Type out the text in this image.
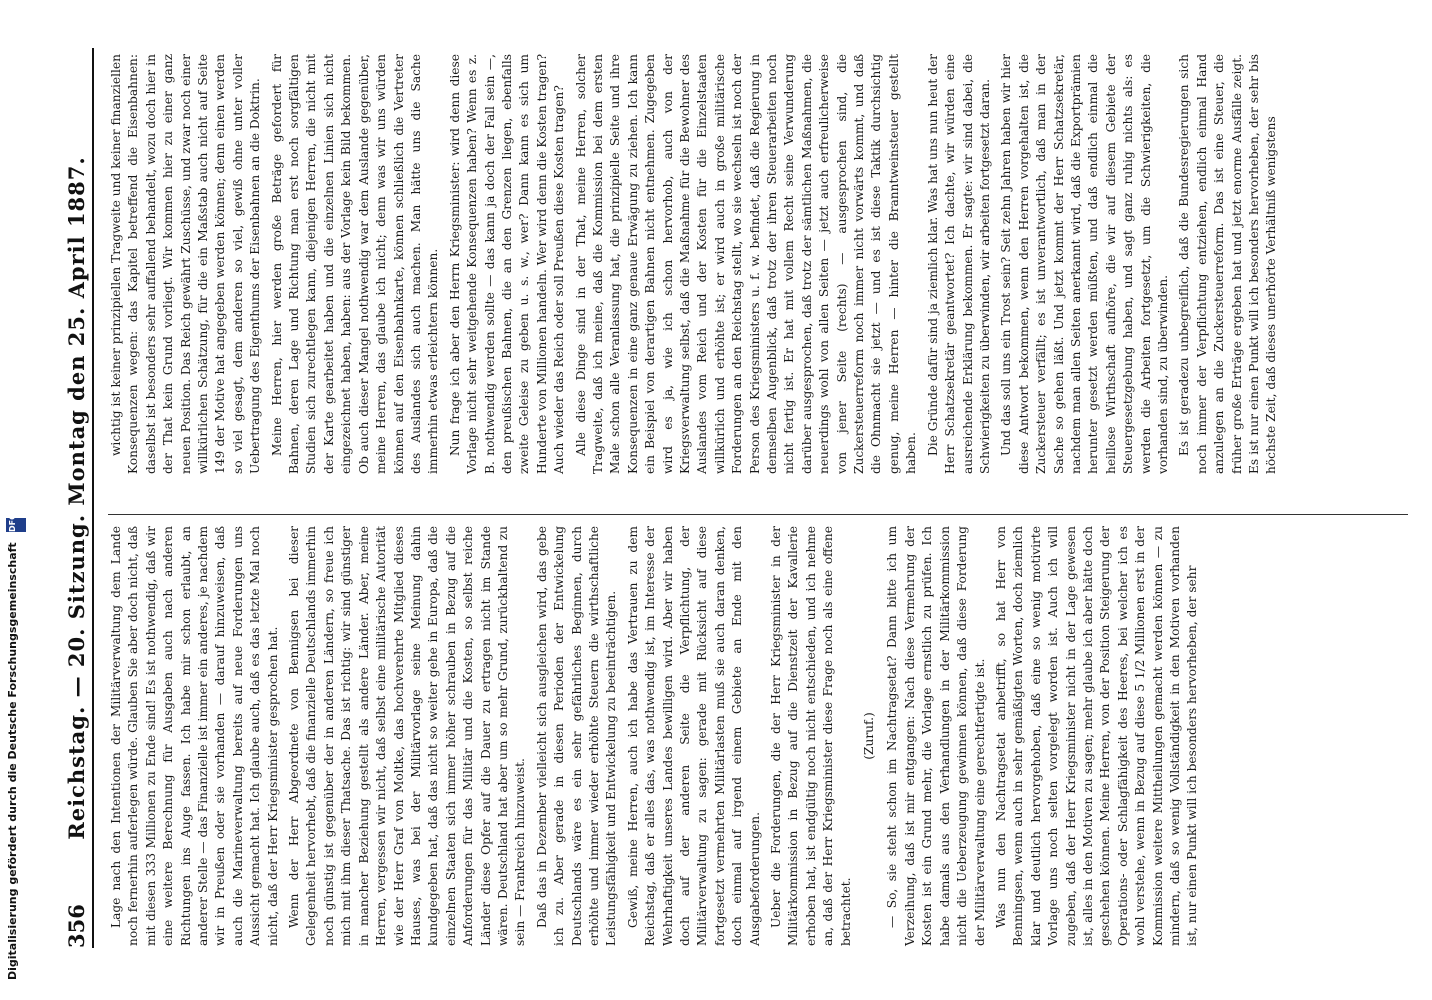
356
Reichstag. — 20. Sitzung. Montag den 25. April 1887. Lage nach den Intentionen der Militärverwaltung dem Lande noch fernerhin auferlegen würde. Glauben Sie aber doch nicht, daß mit diesen 333 Millionen zu Ende sind! Es ist nothwendig, daß wir eine weitere Berechnung für Ausgaben auch nach anderen Richtungen ins Auge fassen. Ich habe mir schon erlaubt, an anderer Stelle — das Finanzielle ist immer ein anderes, je nachdem wir in Preußen oder sie vorhanden — darauf hinzuweisen, daß auch die Marineverwaltung bereits auf neue Forderungen uns Aussicht gemacht hat. Ich glaube auch, daß es das letzte Mal noch nicht, daß der Herr Kriegsminister gesprochen hat. Wenn der Herr Abgeordnete von Bennigsen bei dieser Gelegenheit hervorhebt, daß die finanzielle Deutschlands immerhin noch günstig ist gegenüber der in anderen Ländern, so freue ich mich mit ihm dieser Thatsache. Das ist richtig: wir sind günstiger in mancher Beziehung gestellt als andere Länder. Aber, meine Herren, vergessen wir nicht, daß selbst eine militärische Autorität wie der Herr Graf von Moltke, das hochverehrte Mitglied dieses Hauses, was bei der Militärvorlage seine Meinung dahin kundgegeben hat, daß das nicht so weiter gehe in Europa, daß die einzelnen Staaten sich immer höher schrauben in Bezug auf die Anforderungen für das Militär und die Kosten, so selbst reiche Länder diese Opfer auf die Dauer zu ertragen nicht im Stande wären. Deutschland hat aber um so mehr Grund, zurückhaltend zu sein — Frankreich hinzuweist. Daß das in Dezember vielleicht sich ausgleichen wird, das gebe ich zu. Aber gerade in diesen Perioden der Entwickelung Deutschlands wäre es ein sehr gefährliches Beginnen, durch erhöhte und immer wieder erhöhte Steuern die wirthschaftliche Leistungsfähigkeit und Entwickelung zu beeinträchtigen. Gewiß, meine Herren, auch ich habe das Vertrauen zu dem Reichstag, daß er alles das, was nothwendig ist, im Interesse der Wehrhaftigkeit unseres Landes bewilligen wird. Aber wir haben doch auf der anderen Seite die Verpflichtung, der Militärverwaltung zu sagen: gerade mit Rücksicht auf diese fortgesetzt vermehrten Militärlasten muß sie auch daran denken, doch einmal auf irgend einem Gebiete an Ende mit den Ausgabeforderungen. Ueber die Forderungen, die der Herr Kriegsminister in der Militärkommission in Bezug auf die Dienstzeit der Kavallerie erhoben hat, ist endgültig noch nicht entschieden, und ich nehme an, daß der Herr Kriegsminister diese Frage noch als eine offene betrachtet.

(Zuruf.) — So, sie steht schon im Nachtragsetat? Dann bitte ich um Verzeihung, daß ist mir entgangen: Nach diese Vermehrung der Kosten ist ein Grund mehr, die Vorlage ernstlich zu prüfen. Ich habe damals aus den Verhandlungen in der Militärkommission nicht die Ueberzeugung gewinnen können, daß diese Forderung der Militärverwaltung eine gerechtfertigte ist. Was nun den Nachtragsetat anbetrifft, so hat Herr von Benningsen, wenn auch in sehr gemäßigten Worten, doch ziemlich klar und deutlich hervorgehoben, daß eine so wenig motivirte Vorlage uns noch selten vorgelegt worden ist. Auch ich will zugeben, daß der Herr Kriegsminister nicht in der Lage gewesen ist, alles in den Motiven zu sagen; mehr glaube ich aber hätte doch geschehen können. Meine Herren, von der Position Steigerung der Operations- oder Schlagfähigkeit des Heeres, bei welcher ich es wohl verstehe, wenn in Bezug auf diese 5 1/2 Millionen erst in der Kommission weitere Mittheilungen gemacht werden können — zu mindern, daß so wenig Vollständigkeit in den Motiven vorhanden ist, nur einen Punkt will ich besonders hervorheben, der sehr

wichtig ist keiner prinzipiellen Tragweite und keiner finanziellen Konsequenzen wegen: das Kapitel betreffend die Eisenbahnen: daselbst ist besonders sehr auffallend behandelt, wozu doch hier in der That kein Grund vorliegt. Wir kommen hier zu einer ganz neuen Position. Das Reich gewährt Zuschüsse, und zwar noch einer willkürlichen Schätzung, für die ein Maßstab auch nicht auf Seite 149 der Motive hat angegeben werden können; denn einen werden so viel gesagt, dem anderen so viel, gewiß ohne unter voller Uebertragung des Eigenthums der Eisenbahnen an die Doktrin. Meine Herren, hier werden große Beträge gefordert für Bahnen, deren Lage und Richtung man erst noch sorgfältigen Studien sich zurechtlegen kann, diejenigen Herren, die nicht mit der Karte gearbeitet haben und die einzelnen Linien sich nicht eingezeichnet haben, haben: aus der Vorlage kein Bild bekommen. Ob auch dieser Mangel nothwendig war dem Auslande gegenüber, meine Herren, das glaube ich nicht; denn was wir uns würden können auf den Eisenbahnkarte, können schließlich die Vertreter des Auslandes sich auch machen. Man hätte uns die Sache immerhin etwas erleichtern können. Nun frage ich aber den Herrn Kriegsminister: wird denn diese Vorlage nicht sehr weitgehende Konsequenzen haben? Wenn es z. B. nothwendig werden sollte — das kann ja doch der Fall sein —, den preußischen Bahnen, die an den Grenzen liegen, ebenfalls zweite Geleise zu geben u. s. w., wer? Dann kann es sich um Hunderte von Millionen handeln. Wer wird denn die Kosten tragen? Auch wieder das Reich oder soll Preußen diese Kosten tragen? Alle diese Dinge sind in der That, meine Herren, solcher Tragweite, daß ich meine, daß die Kommission bei dem ersten Male schon alle Veranlassung hat, die prinzipielle Seite und ihre Konsequenzen in eine ganz genaue Erwägung zu ziehen. Ich kann ein Beispiel von derartigen Bahnen nicht entnehmen. Zugegeben wird es ja, wie ich schon hervorhob, auch von der Kriegsverwaltung selbst, daß die Maßnahme für die Bewohner des Auslandes vom Reich und der Kosten für die Einzelstaaten willkürlich und erhöhte ist; er wird auch in große militärische Forderungen an den Reichstag stellt, wo sie wechseln ist noch der Person des Kriegsministers u. f. w. befindet, daß die Regierung in demselben Augenblick, daß trotz der ihren Steuerarbeiten noch nicht fertig ist. Er hat mit vollem Recht seine Verwunderung darüber ausgesprochen, daß trotz der sämtlichen Maßnahmen, die neuerdings wohl von allen Seiten — jetzt auch erfreulicherweise von jener Seite (rechts) — ausgesprochen sind, die Zuckersteuerreform noch immer nicht vorwärts kommt, und daß die Ohnmacht sie jetzt — und es ist diese Taktik durchsichtig genug, meine Herren — hinter die Branntweinsteuer gestellt haben. Die Gründe dafür sind ja ziemlich klar. Was hat uns nun heut der Herr Schatzsekretär geantwortet? Ich dachte, wir würden eine ausreichende Erklärung bekommen. Er sagte: wir sind dabei, die Schwierigkeiten zu überwinden, wir arbeiten fortgesetzt daran. Und das soll uns ein Trost sein? Seit zehn Jahren haben wir hier diese Antwort bekommen, wenn den Herren vorgehalten ist, die Zuckersteuer verfällt; es ist unverantwortlich, daß man in der Sache so gehen läßt. Und jetzt kommt der Herr Schatzsekretär, nachdem man allen Seiten anerkannt wird, daß die Exportprämien herunter gesetzt werden müßten, und daß endlich einmal die heillose Wirthschaft aufhöre, die wir auf diesem Gebiete der Steuergesetzgebung haben, und sagt ganz ruhig nichts als: es werden die Arbeiten fortgesetzt, um die Schwierigkeiten, die vorhanden sind, zu überwinden. Es ist geradezu unbegreiflich, daß die Bundesregierungen sich noch immer der Verpflichtung entziehen, endlich einmal Hand anzulegen an die Zuckersteuerreform. Das ist eine Steuer, die früher große Erträge ergeben hat und jetzt enorme Ausfälle zeigt. Es ist nur einen Punkt will ich besonders hervorheben, der sehr bis höchste Zeit, daß dieses unerhörte Verhältniß wenigstens

Digitalisierung gefördert durch die Deutsche Forschungsgemeinschaft DFG
